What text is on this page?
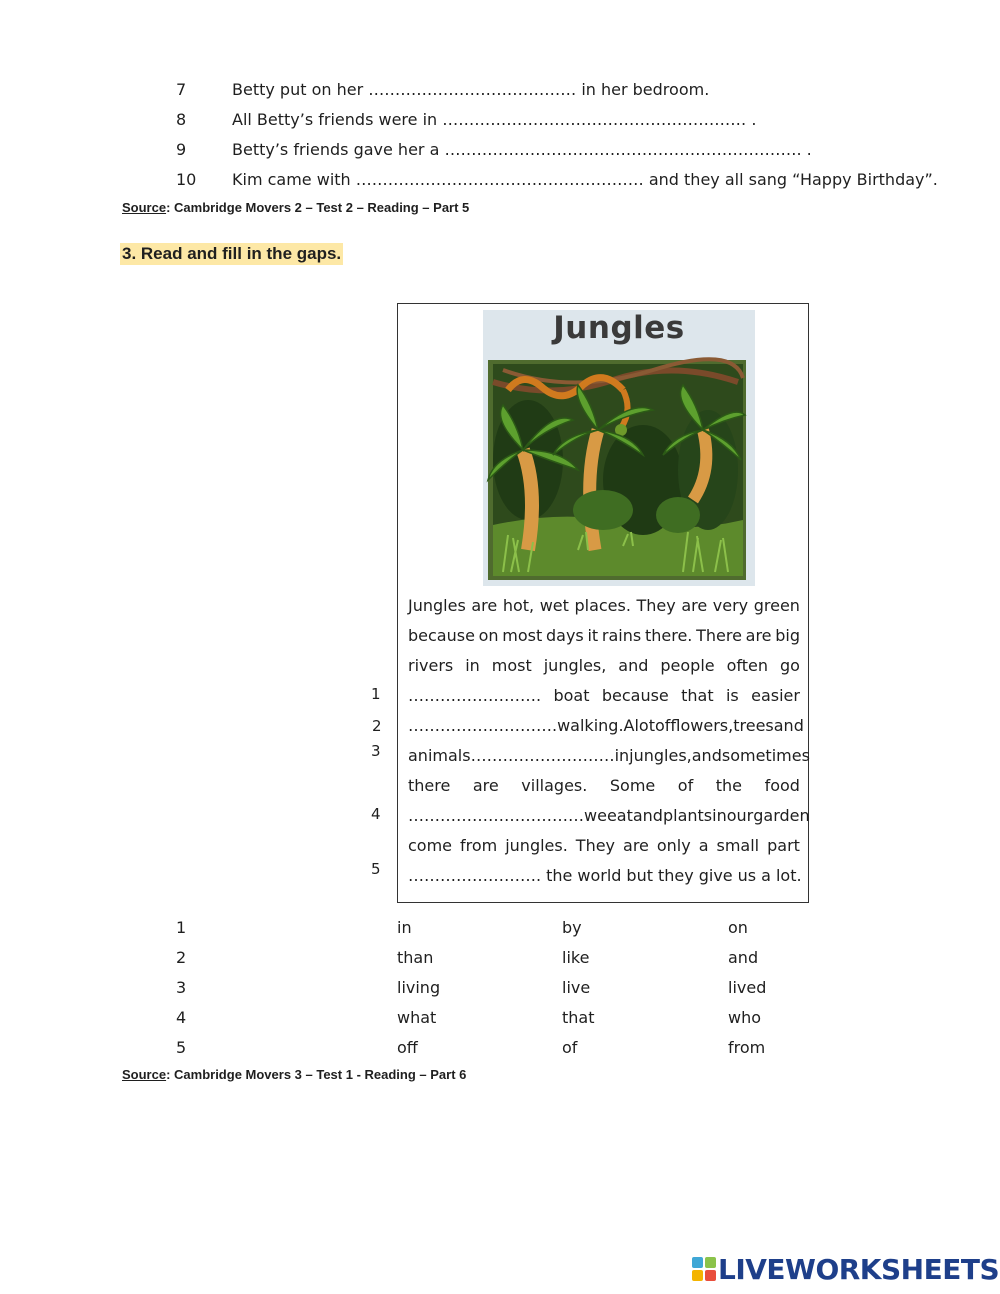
7	Betty put on her ………………………………… in her bedroom.
8	All Betty’s friends were in ………………………………………………… .
9	Betty’s friends gave her a …………………………………………………………. .
10	Kim came with ……………………………………………… and they all sang “Happy Birthday”.
Source: Cambridge Movers 2 – Test 2 – Reading – Part 5
3. Read and fill in the gaps.
1
2
3
4
5
Jungles
Jungles are hot, wet places. They are very green
because on most days it rains there. There are big
rivers in most jungles, and people often go
……………………. boat because that is easier
………………………. walking. A lot of flowers, trees and
animals ……………………… in jungles, and sometimes
there are villages. Some of the food
…………………………… we eat and plants in our garden
come from jungles. They are only a small part
……………………. the world but they give us a lot.
1	in	by	on
2	than	like	and
3	living	live	lived
4	what	that	who
5	off	of	from
Source: Cambridge Movers 3 – Test 1 - Reading – Part 6
LIVEWORKSHEETS
